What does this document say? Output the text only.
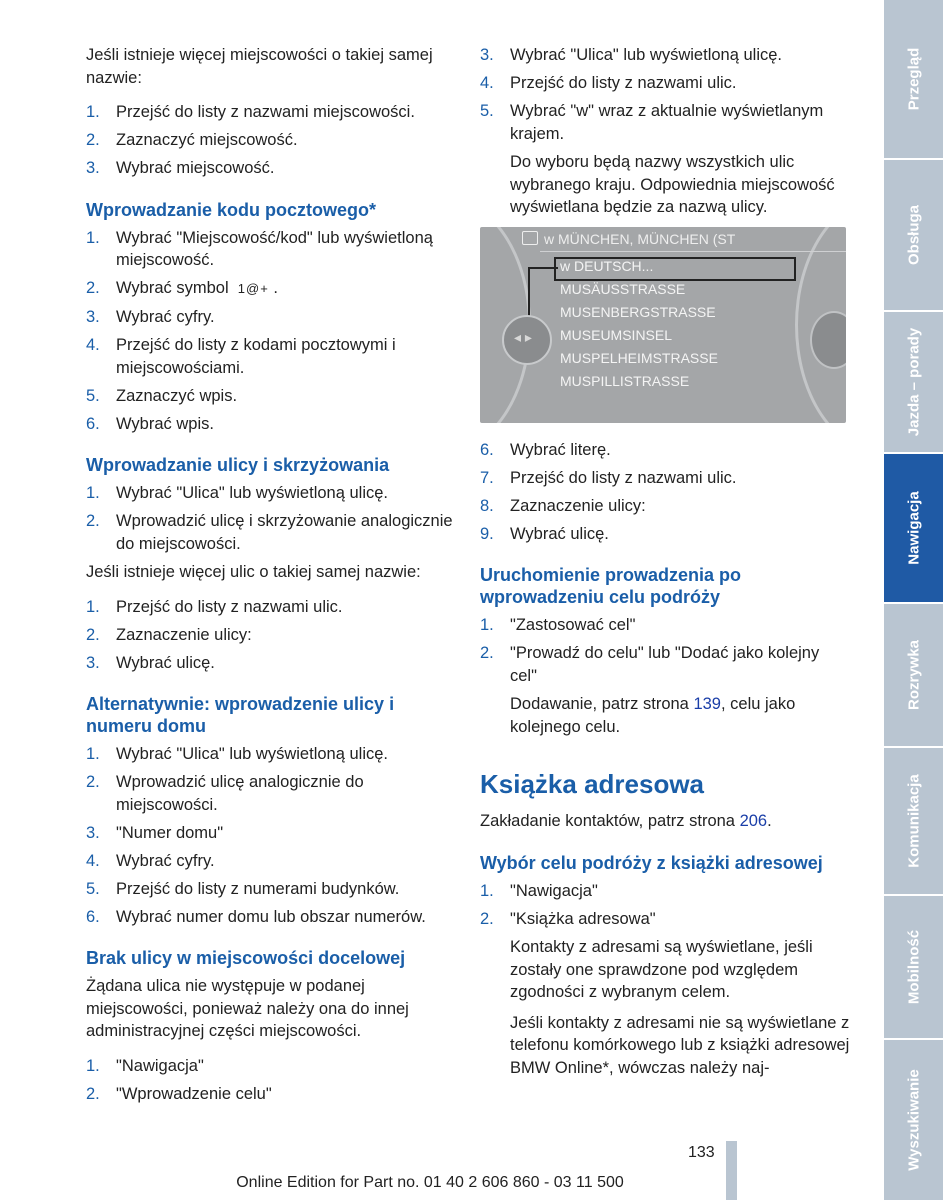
Jeśli istnieje więcej miejscowości o takiej samej nazwie:

1. Przejść do listy z nazwami miejscowości.
2. Zaznaczyć miejscowość.
3. Wybrać miejscowość.
Wprowadzanie kodu pocztowego*
1. Wybrać "Miejscowość/kod" lub wyświetloną miejscowość.
2. Wybrać symbol 1@+ .
3. Wybrać cyfry.
4. Przejść do listy z kodami pocztowymi i miejscowościami.
5. Zaznaczyć wpis.
6. Wybrać wpis.
Wprowadzanie ulicy i skrzyżowania
1. Wybrać "Ulica" lub wyświetloną ulicę.
2. Wprowadzić ulicę i skrzyżowanie analogicznie do miejscowości.

Jeśli istnieje więcej ulic o takiej samej nazwie:

1. Przejść do listy z nazwami ulic.
2. Zaznaczenie ulicy:
3. Wybrać ulicę.
Alternatywnie: wprowadzenie ulicy i numeru domu
1. Wybrać "Ulica" lub wyświetloną ulicę.
2. Wprowadzić ulicę analogicznie do miejscowości.
3. "Numer domu"
4. Wybrać cyfry.
5. Przejść do listy z numerami budynków.
6. Wybrać numer domu lub obszar numerów.
Brak ulicy w miejscowości docelowej

Żądana ulica nie występuje w podanej miejscowości, ponieważ należy ona do innej administracyjnej części miejscowości.

1. "Nawigacja"
2. "Wprowadzenie celu"
3. Wybrać "Ulica" lub wyświetloną ulicę.
4. Przejść do listy z nazwami ulic.
5. Wybrać "w" wraz z aktualnie wyświetlanym krajem.

Do wyboru będą nazwy wszystkich ulic wybranego kraju. Odpowiednia miejscowość wyświetlana będzie za nazwą ulicy.

w MÜNCHEN, MÜNCHEN (ST
w DEUTSCH...
MUSÄUSSTRASSE
MUSENBERGSTRASSE
MUSEUMSINSEL
MUSPELHEIMSTRASSE
MUSPILLISTRASSE
◂ ▸
6. Wybrać literę.
7. Przejść do listy z nazwami ulic.
8. Zaznaczenie ulicy:
9. Wybrać ulicę.
Uruchomienie prowadzenia po wprowadzeniu celu podróży
1. "Zastosować cel"
2. "Prowadź do celu" lub "Dodać jako kolejny cel"

Dodawanie, patrz strona 139, celu jako kolejnego celu.

Książka adresowa

Zakładanie kontaktów, patrz strona 206.

Wybór celu podróży z książki adresowej
1. "Nawigacja"
2. "Książka adresowa"

Kontakty z adresami są wyświetlane, jeśli zostały one sprawdzone pod względem zgodności z wybranym celem.

Jeśli kontakty z adresami nie są wyświetlane z telefonu komórkowego lub z książki adresowej BMW Online*, wówczas należy naj-

Przegląd
Obsługa
Jazda – porady
Nawigacja
Rozrywka
Komunikacja
Mobilność
Wyszukiwanie
133
Online Edition for Part no. 01 40 2 606 860 - 03 11 500
